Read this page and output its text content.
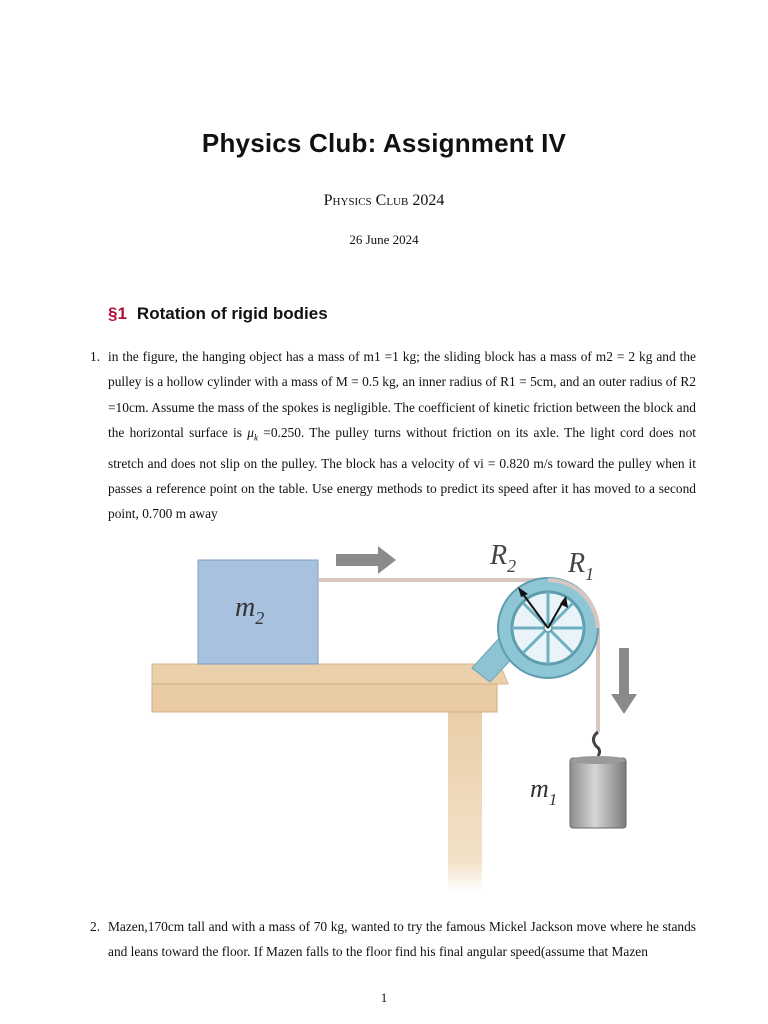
Physics Club: Assignment IV
Physics Club 2024
26 June 2024
§1 Rotation of rigid bodies
1. in the figure, the hanging object has a mass of m1 =1 kg; the sliding block has a mass of m2 = 2 kg and the pulley is a hollow cylinder with a mass of M = 0.5 kg, an inner radius of R1 = 5cm, and an outer radius of R2 =10cm. Assume the mass of the spokes is negligible. The coefficient of kinetic friction between the block and the horizontal surface is $\mu_k =0.250$. The pulley turns without friction on its axle. The light cord does not stretch and does not slip on the pulley. The block has a velocity of vi = 0.820 m/s toward the pulley when it passes a reference point on the table. Use energy methods to predict its speed after it has moved to a second point, 0.700 m away
$m_2$
$R_2$ $R_1$
$m_1$
2. Mazen,170cm tall and with a mass of 70 kg, wanted to try the famous Mickel Jackson move where he stands and leans toward the floor. If Mazen falls to the floor find his final angular speed(assume that Mazen
1
